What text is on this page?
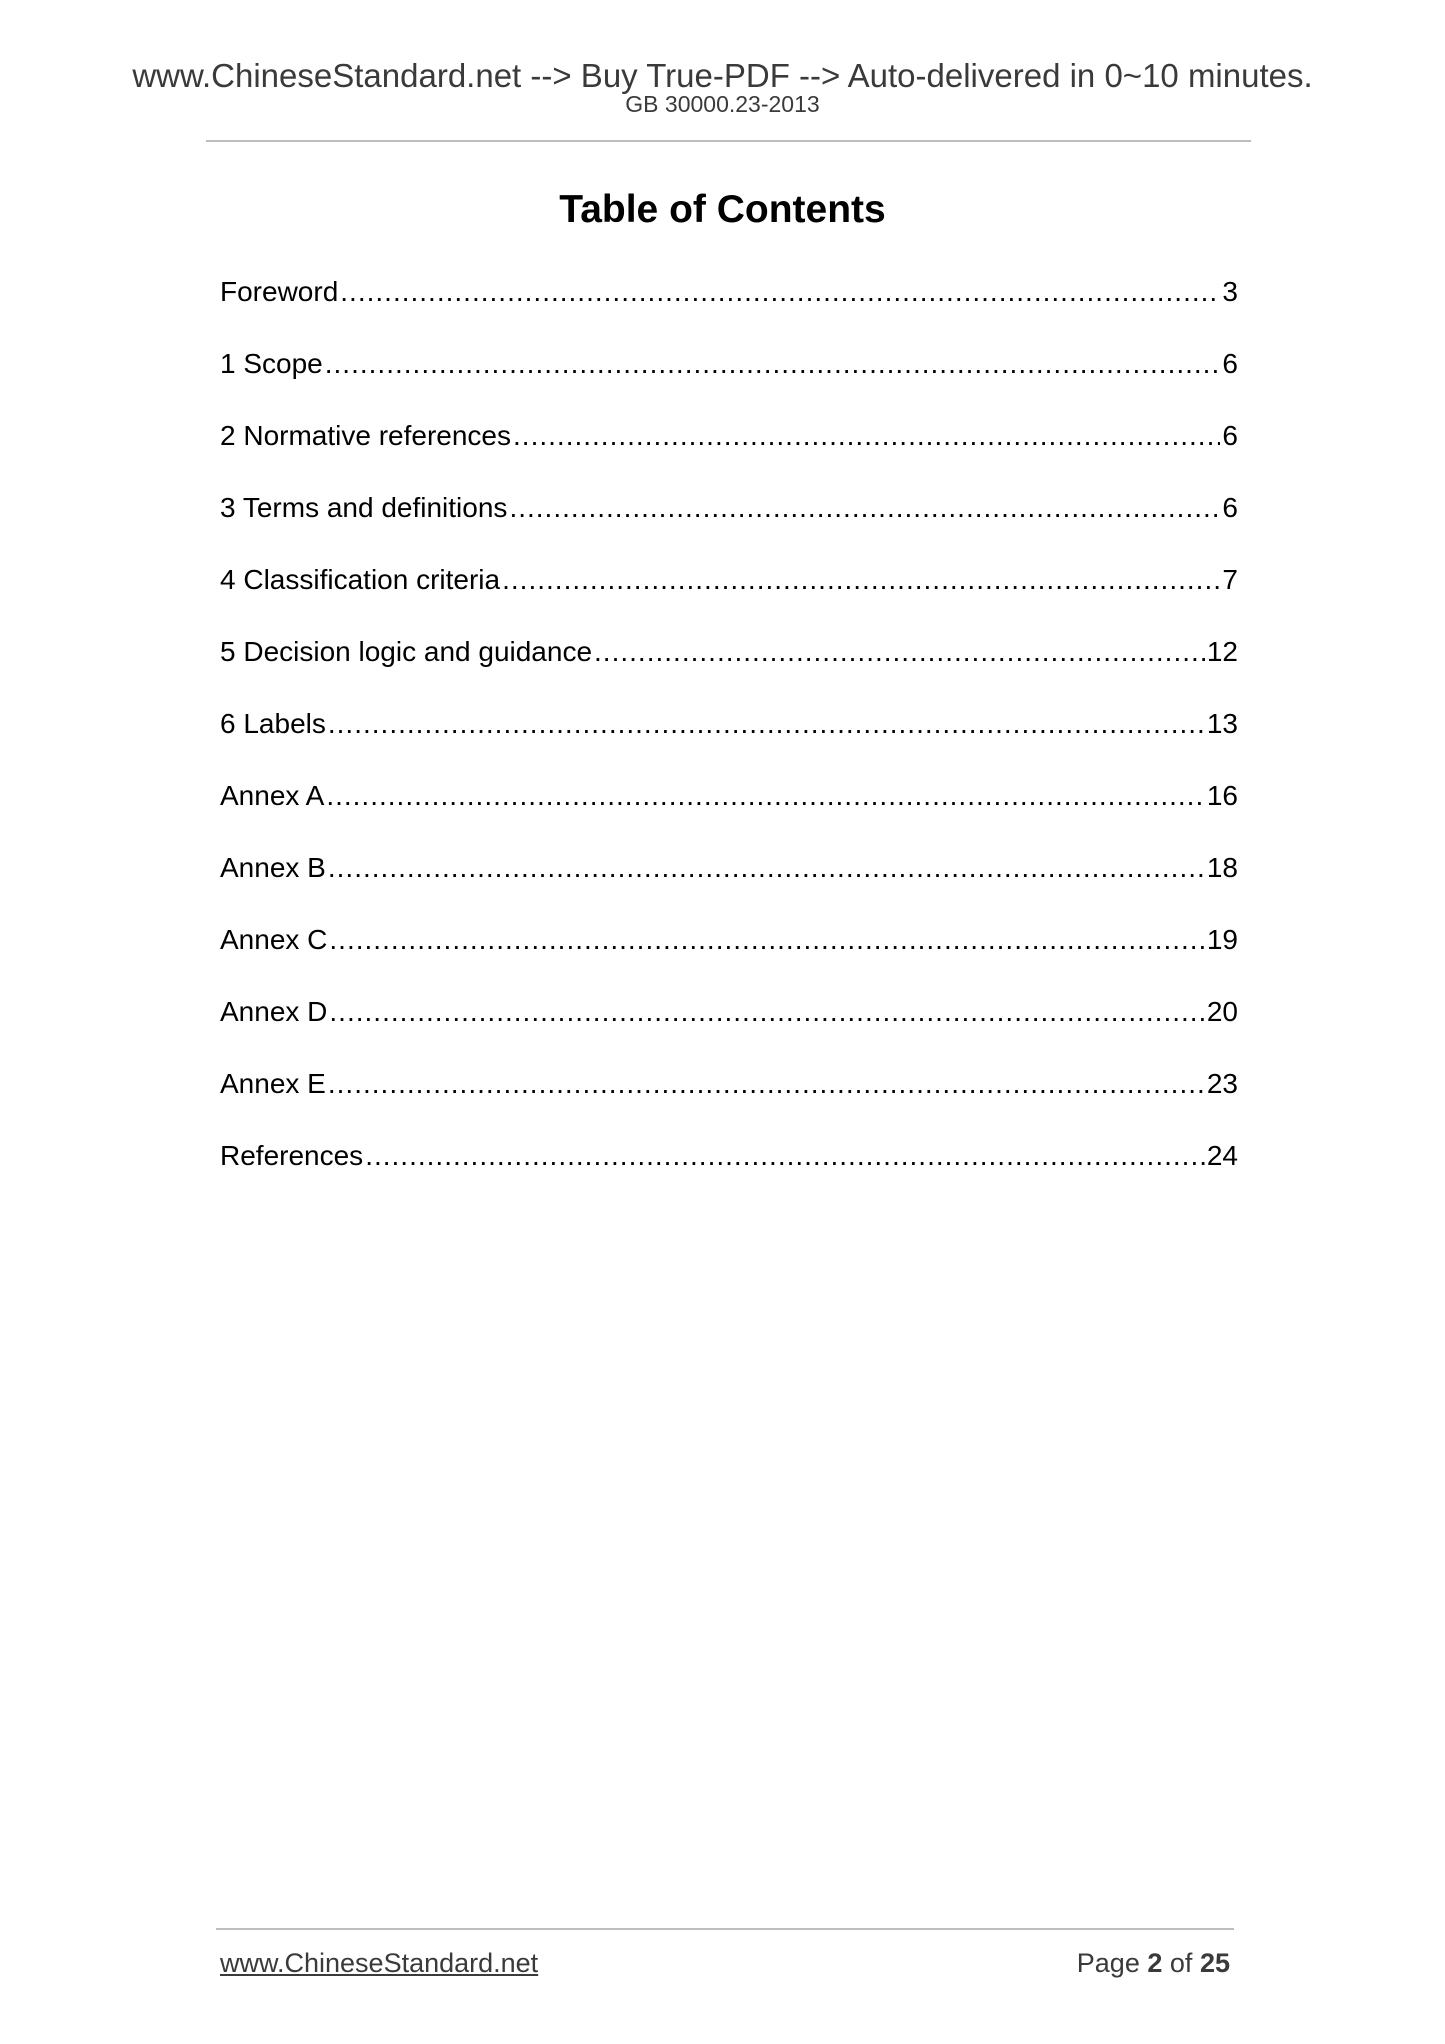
www.ChineseStandard.net --> Buy True-PDF --> Auto-delivered in 0~10 minutes.
GB 30000.23-2013
Table of Contents
Foreword .....	3
1 Scope .....	6
2 Normative references .....	6
3 Terms and definitions .....	6
4 Classification criteria .....	7
5 Decision logic and guidance .....	12
6 Labels .....	13
Annex A .....	16
Annex B .....	18
Annex C .....	19
Annex D .....	20
Annex E .....	23
References .....	24
www.ChineseStandard.net	Page 2 of 25
